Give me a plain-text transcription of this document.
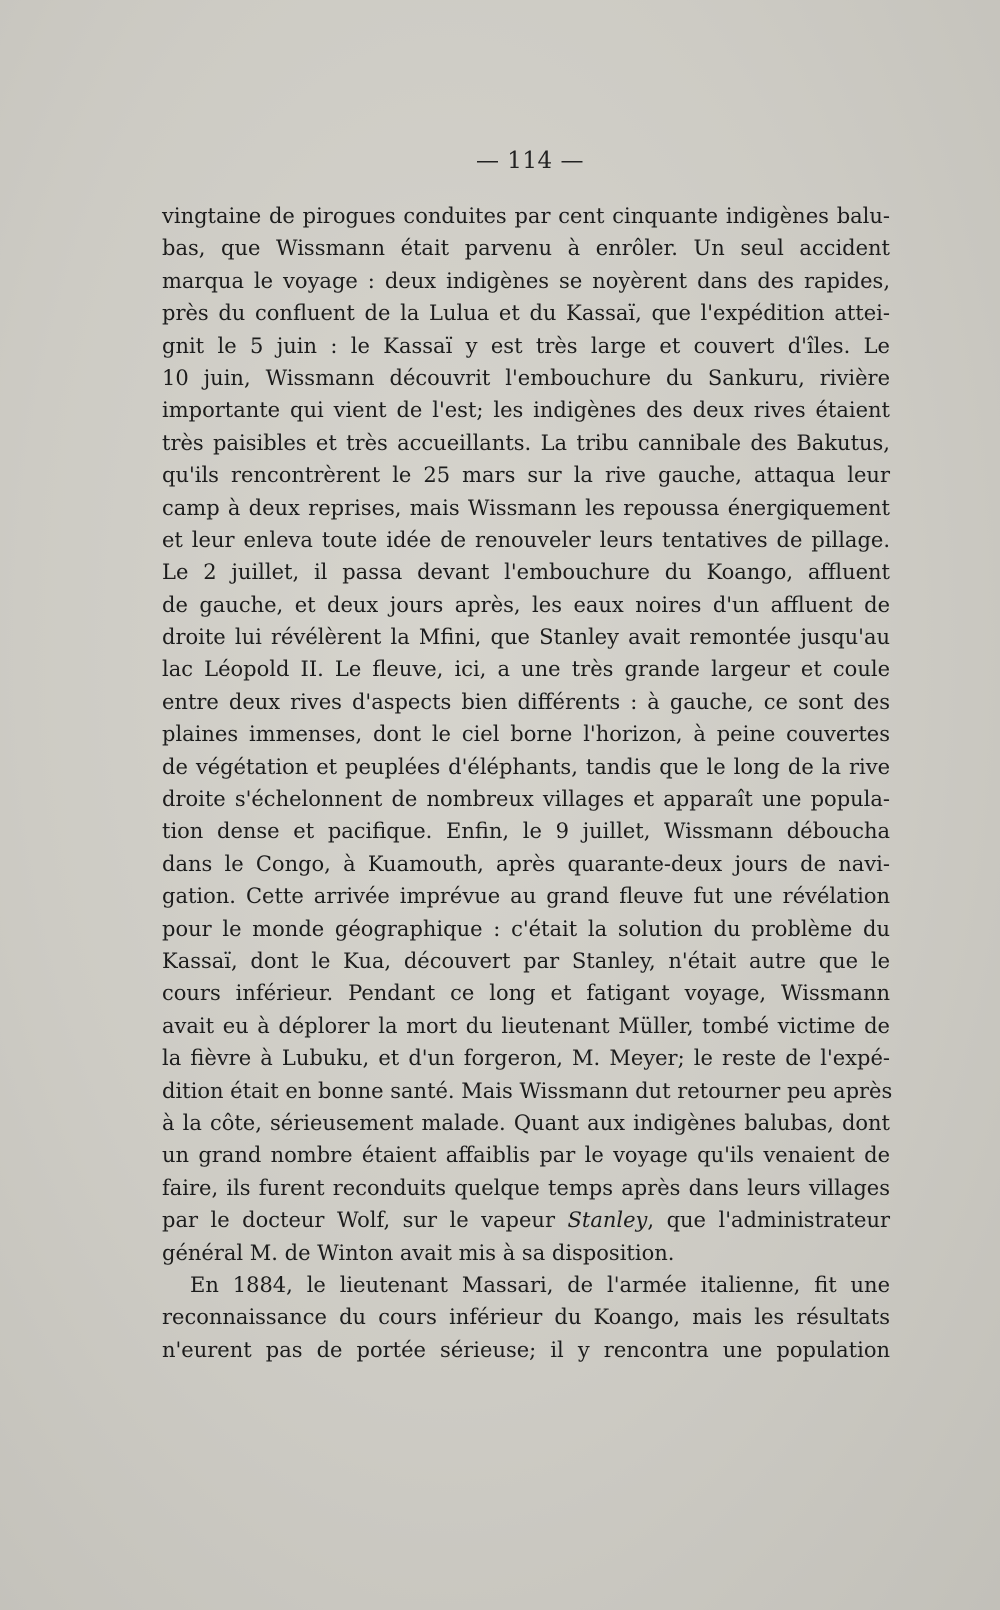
— 114 —
vingtaine de pirogues conduites par cent cinquante indigènes balu-
bas, que Wissmann était parvenu à enrôler. Un seul accident
marqua le voyage : deux indigènes se noyèrent dans des rapides,
près du confluent de la Lulua et du Kassaï, que l'expédition attei-
gnit le 5 juin : le Kassaï y est très large et couvert d'îles. Le
10 juin, Wissmann découvrit l'embouchure du Sankuru, rivière
importante qui vient de l'est; les indigènes des deux rives étaient
très paisibles et très accueillants. La tribu cannibale des Bakutus,
qu'ils rencontrèrent le 25 mars sur la rive gauche, attaqua leur
camp à deux reprises, mais Wissmann les repoussa énergiquement
et leur enleva toute idée de renouveler leurs tentatives de pillage.
Le 2 juillet, il passa devant l'embouchure du Koango, affluent
de gauche, et deux jours après, les eaux noires d'un affluent de
droite lui révélèrent la Mfini, que Stanley avait remontée jusqu'au
lac Léopold II. Le fleuve, ici, a une très grande largeur et coule
entre deux rives d'aspects bien différents : à gauche, ce sont des
plaines immenses, dont le ciel borne l'horizon, à peine couvertes
de végétation et peuplées d'éléphants, tandis que le long de la rive
droite s'échelonnent de nombreux villages et apparaît une popula-
tion dense et pacifique. Enfin, le 9 juillet, Wissmann déboucha
dans le Congo, à Kuamouth, après quarante-deux jours de navi-
gation. Cette arrivée imprévue au grand fleuve fut une révélation
pour le monde géographique : c'était la solution du problème du
Kassaï, dont le Kua, découvert par Stanley, n'était autre que le
cours inférieur. Pendant ce long et fatigant voyage, Wissmann
avait eu à déplorer la mort du lieutenant Müller, tombé victime de
la fièvre à Lubuku, et d'un forgeron, M. Meyer; le reste de l'expé-
dition était en bonne santé. Mais Wissmann dut retourner peu après
à la côte, sérieusement malade. Quant aux indigènes balubas, dont
un grand nombre étaient affaiblis par le voyage qu'ils venaient de
faire, ils furent reconduits quelque temps après dans leurs villages
par le docteur Wolf, sur le vapeur Stanley, que l'administrateur
général M. de Winton avait mis à sa disposition.
En 1884, le lieutenant Massari, de l'armée italienne, fit une
reconnaissance du cours inférieur du Koango, mais les résultats
n'eurent pas de portée sérieuse; il y rencontra une population
